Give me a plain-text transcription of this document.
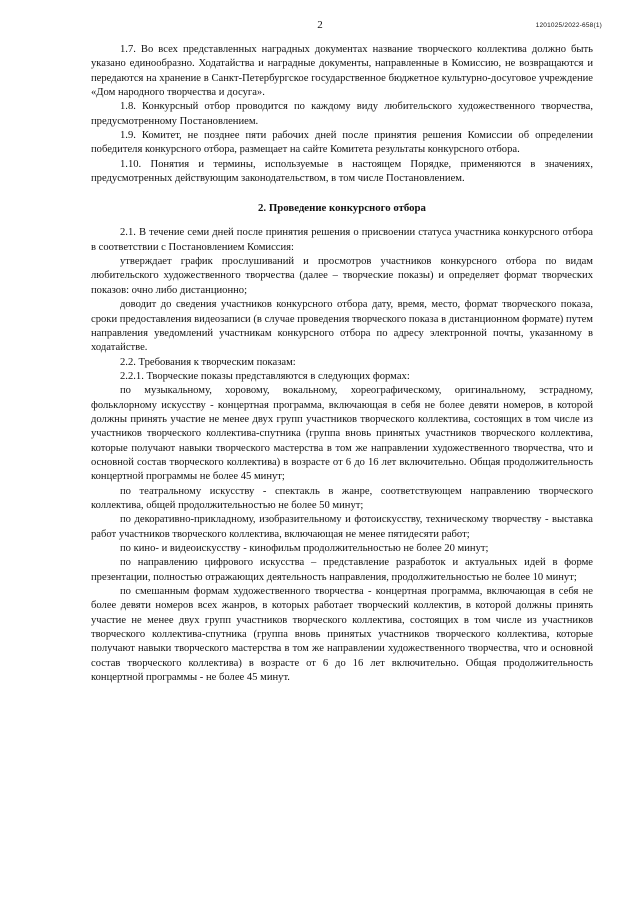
2	1201025/2022-658(1)

1.7. Во всех представленных наградных документах название творческого коллектива должно быть указано единообразно. Ходатайства и наградные документы, направленные в Комиссию, не возвращаются и передаются на хранение в Санкт-Петербургское государственное бюджетное культурно-досуговое учреждение «Дом народного творчества и досуга».

1.8. Конкурсный отбор проводится по каждому виду любительского художественного творчества, предусмотренному Постановлением.

1.9. Комитет, не позднее пяти рабочих дней после принятия решения Комиссии об определении победителя конкурсного отбора, размещает на сайте Комитета результаты конкурсного отбора.

1.10. Понятия и термины, используемые в настоящем Порядке, применяются в значениях, предусмотренных действующим законодательством, в том числе Постановлением.

2. Проведение конкурсного отбора

2.1. В течение семи дней после принятия решения о присвоении статуса участника конкурсного отбора в соответствии с Постановлением Комиссия:

утверждает график прослушиваний и просмотров участников конкурсного отбора по видам любительского художественного творчества (далее – творческие показы) и определяет формат творческих показов: очно либо дистанционно;

доводит до сведения участников конкурсного отбора дату, время, место, формат творческого показа, сроки предоставления видеозаписи (в случае проведения творческого показа в дистанционном формате) путем направления уведомлений участникам конкурсного отбора по адресу электронной почты, указанному в ходатайстве.

2.2. Требования к творческим показам:

2.2.1. Творческие показы представляются в следующих формах:

по музыкальному, хоровому, вокальному, хореографическому, оригинальному, эстрадному, фольклорному искусству - концертная программа, включающая в себя не более девяти номеров, в которой должны принять участие не менее двух групп участников творческого коллектива, состоящих в том числе из участников творческого коллектива-спутника (группа вновь принятых участников творческого коллектива, которые получают навыки творческого мастерства в том же направлении художественного творчества, что и основной состав творческого коллектива) в возрасте от 6 до 16 лет включительно. Общая продолжительность концертной программы не более 45 минут;

по театральному искусству - спектакль в жанре, соответствующем направлению творческого коллектива, общей продолжительностью не более 50 минут;

по декоративно-прикладному, изобразительному и фотоискусству, техническому творчеству - выставка работ участников творческого коллектива, включающая не менее пятидесяти работ;

по кино- и видеоискусству - кинофильм продолжительностью не более 20 минут;

по направлению цифрового искусства – представление разработок и актуальных идей в форме презентации, полностью отражающих деятельность направления, продолжительностью не более 10 минут;

по смешанным формам художественного творчества - концертная программа, включающая в себя не более девяти номеров всех жанров, в которых работает творческий коллектив, в которой должны принять участие не менее двух групп участников творческого коллектива, состоящих в том числе из участников творческого коллектива-спутника (группа вновь принятых участников творческого коллектива, которые получают навыки творческого мастерства в том же направлении художественного творчества, что и основной состав творческого коллектива) в возрасте от 6 до 16 лет включительно. Общая продолжительность концертной программы - не более 45 минут.
